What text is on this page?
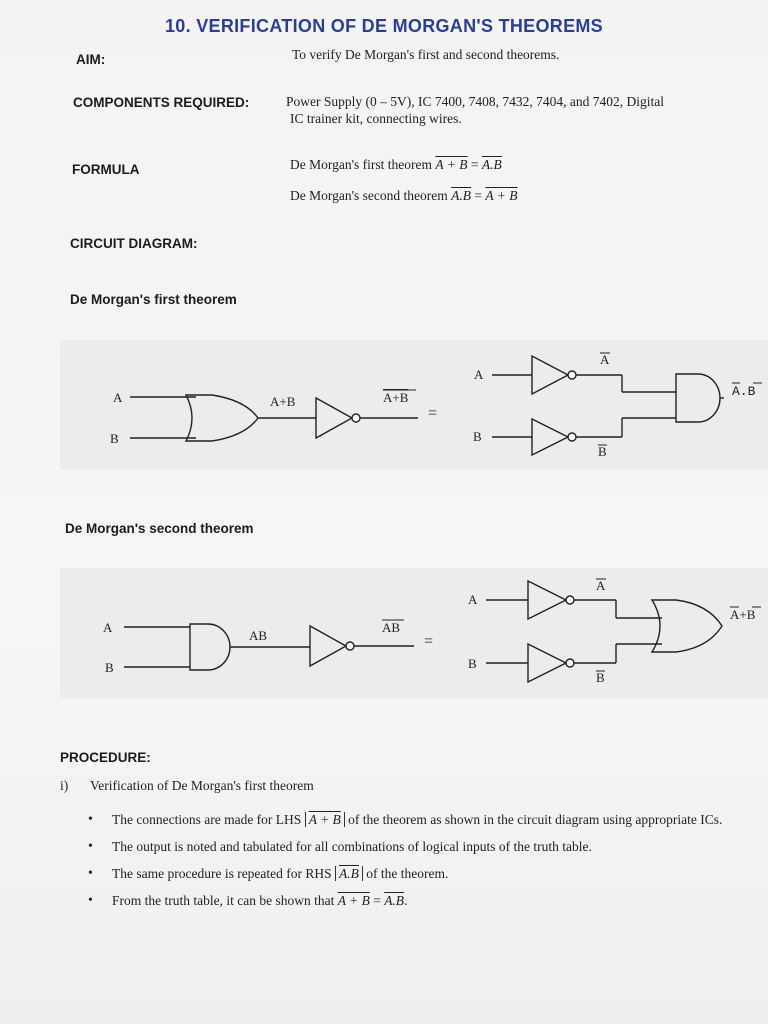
10. VERIFICATION OF DE MORGAN'S THEOREMS
AIM:	To verify De Morgan's first and second theorems.
COMPONENTS REQUIRED:	Power Supply (0 – 5V), IC 7400, 7408, 7432, 7404, and 7402, Digital
IC trainer kit, connecting wires.
FORMULA	De Morgan's first theorem A + B = A.B
De Morgan's second theorem A.B = A + B
CIRCUIT DIAGRAM:
De Morgan's first theorem
A
B
A+B	A+B
=
A
B
A
B
A.B
De Morgan's second theorem
A
B
AB
AB
=
A
B
A
B
A+B
PROCEDURE:
i) Verification of De Morgan's first theorem
• The connections are made for LHS A + B of the theorem as shown in the circuit diagram using appropriate ICs.
• The output is noted and tabulated for all combinations of logical inputs of the truth table.
• The same procedure is repeated for RHS A.B of the theorem.
• From the truth table, it can be shown that A + B = A.B.
